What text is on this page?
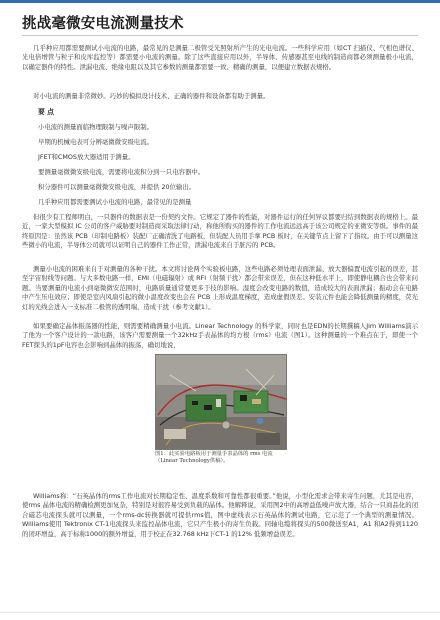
挑战毫微安电流测量技术
几乎种应用都需要测试小电流的电路，最常见的是测量二极管受光照射所产生的光电电流。一些科学应用（如CT 扫描仪、气相色谱仪、光电倍增管与粒子和皮库监控等）都需要小电流的测量。除了这些直接应用以外，半导体、传感器甚至电线的制造商都必须测量极小电流，以确定器件的特性。泄漏电流、绝缘电阻以及其它参数的测量都需要一致、精确的测量，以便建立数据表规格。
对小电流的测量非常微妙。巧妙的模拟设计技术、正确的器件和设备都有助于测量。
要 点
小电流的测量面临物理限制与噪声限制。
早期的机械电表可分辨毫微微安级电流。
JFET和CMOS放大器适用于测量。
要测量毫微微安级电流，需要将电流积分到一只电容器中。
积分器件可以测量毫微微安级电流，并提供 20位输出。
几乎种应用都需要测试小电流的电路，最常见的是测量
但很少有工程师明白，一只器件的数据表是一份契约文件。它规定了器件的性能，对器件运行的任何异议都要归结到数据表的规格上。最近，一家大型模拟 IC 公司的客户威胁要对制造商采取法律行动，称他所购买的器件的工作电流远远高于该公司规定的亚微安等级。事件的最终原因是：虽然该 PCB（印制电路板）装配厂正确清洗了电路板，但装配人员用手拿 PCB 板时，在关键节点上留下了指纹。由于可以测量这些微小的电流，半导体公司就可以证明自己的器件工作正常，泄漏电流来自于脏污的 PCB。
测量小电流的困难来自于对测量的各种干扰。本文将讨论两个实验板电路，这些电路必须处理表面泄漏、放大器偏置电流引起的误差，甚至宇宙射线等问题。与大多数电路一样，EMI（电磁辐射）或 RFI（射频干扰）都会带来误差，但在这种低水平上，即使静电耦合也会带来问题。当要测量的电流小到毫微微安范围时，电路质量通常要更多于技的影响。湿度会改变电路的数值，造成较大的表面泄漏；振动会在电路中产生压电效应；即使是室内风扇引起的微小温度改变也会在 PCB 上形成温度梯度，造成虚假误差。安装元件也能会降低测量的精度，荧光灯的光线会进入一支标准二极管的透明端，造成干扰（参考文献1）。
如果要确定晶体振荡器的性能，则需要精确测量小电流。Linear Technology 的科学家，同时也是EDN的长期撰稿人Jim Williams演示了他为一个客户设计的一款电路，该客户需要测量一个32kHz手表晶体的均方根（rms）电流（图1）。这种测量的一个难点在于，即使一个FET探头的1pF电容也会影响到晶体的振荡，确切地说，
图1：此实验电路板用于测量手表晶体的 rms 电流（Linear Technology供稿）。
Williams称：“石英晶体的rms工作电流对长期稳定性、温度系数和可靠性都很重要。”他说，小型化需求会带来寄生问题，尤其是电容，使rms 晶体电流的精确检测更加复杂，特别是对很容易受到负载的晶体。他解释说，采用图2中的高增益低噪声放大器，结合一只商品化的闭合磁芯电流探头就可以测量，一个rms-dc转换器就可提供rms值，图中虚线表示石英晶体的测试电路，它示范了一个典型的测量情况。Williams使用 Tektronix CT-1电流探头来监控晶体电流，它只产生极小的寄生负载。同轴电缆将探头的500微送至A1，A1 和A2得到1120的闭环增益，高于标称1000的额外增益，用于校正在32.768 kHz下CT-1 的12% 低频增益误差。
